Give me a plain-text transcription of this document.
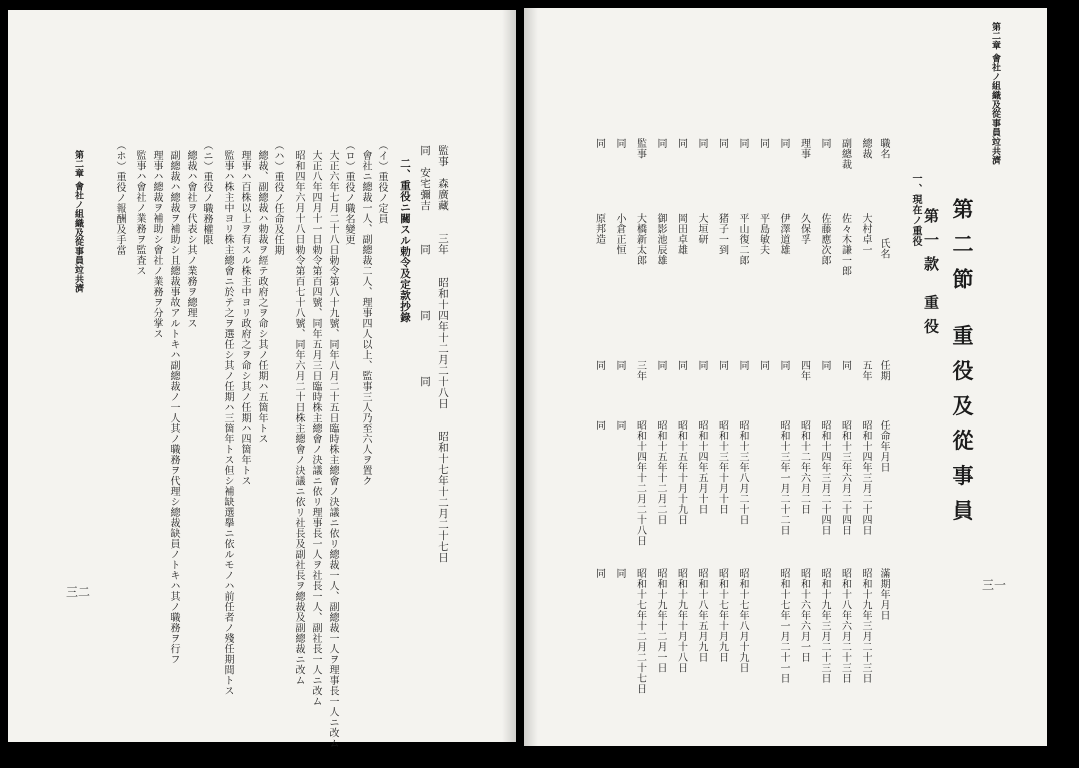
監事　森廣藏　　三年　　昭和十四年十二月二十八日　　昭和十七年十二月二十七日
同　安宅彌吉　　　同　　　　　同　　　　　同
二、重役ニ關スル勅令及定款抄錄
（イ）重役ノ定員
會社ニ總裁一人、副總裁二人、理事四人以上、監事三人乃至六人ヲ置ク
（ロ）重役ノ職名變更
大正六年七月二十八日勅令第八十九號、同年八月二十五日臨時株主總會ノ決議ニ依リ總裁一人、副總裁一人ヲ理事長一人ニ改ム
大正八年四月十一日勅令第百四號、同年五月三日臨時株主總會ノ決議ニ依リ理事長一人ヲ社長一人、副社長一人ニ改ム
昭和四年六月十八日勅令第百七十八號、同年六月二十日株主總會ノ決議ニ依リ社長及副社長ヲ總裁及副總裁ニ改ム
（ハ）重役ノ任命及任期
總裁、副總裁ハ勅裁ヲ經テ政府之ヲ命シ其ノ任期ハ五箇年トス
理事ハ百株以上ヲ有スル株主中ヨリ政府之ヲ命シ其ノ任期ハ四箇年トス
監事ハ株主中ヨリ株主總會ニ於テ之ヲ選任シ其ノ任期ハ三箇年トス但シ補缺選擧ニ依ルモノハ前任者ノ殘任期間トス
（ニ）重役ノ職務權限
總裁ハ會社ヲ代表シ其ノ業務ヲ總理ス
副總裁ハ總裁ヲ補助シ且總裁事故アルトキハ副總裁ノ一人其ノ職務ヲ代理シ總裁缺員ノトキハ其ノ職務ヲ行フ
理事ハ總裁ヲ補助シ會社ノ業務ヲ分掌ス
監事ハ會社ノ業務ヲ監査ス
（ホ）重役ノ報酬及手當
第二章 會社ノ組織及從事員竝共濟
三二
第二章 會社ノ組織及從事員竝共濟
三一
第二節 重役及從事員
第一款 重役
一、現在ノ重役
職名
氏名
任期
任命年月日
滿期年月日
總裁
大村卓一
五年
昭和十四年三月二十四日
昭和十九年三月二十三日
副總裁
佐々木謙一郎
同
昭和十三年六月二十四日
昭和十八年六月二十三日
同
佐藤應次郎
同
昭和十四年三月二十四日
昭和十九年三月二十三日
理事
久保孚
四年
昭和十二年六月二日
昭和十六年六月一日
同
伊澤道雄
同
昭和十三年一月二十二日
昭和十七年一月二十一日
同
平島敏夫
同
同
平山復二郎
同
昭和十三年八月二十日
昭和十七年八月十九日
同
猪子一到
同
昭和十三年十月十日
昭和十七年十月九日
同
大垣研
同
昭和十四年五月十日
昭和十八年五月九日
同
岡田卓雄
同
昭和十五年十月十九日
昭和十九年十月十八日
同
御影池辰雄
同
昭和十五年十二月二日
昭和十九年十二月一日
監事
大橋新太郎
三年
昭和十四年十二月二十八日
昭和十七年十二月二十七日
同
小倉正恒
同
同
同
同
原邦造
同
同
同
